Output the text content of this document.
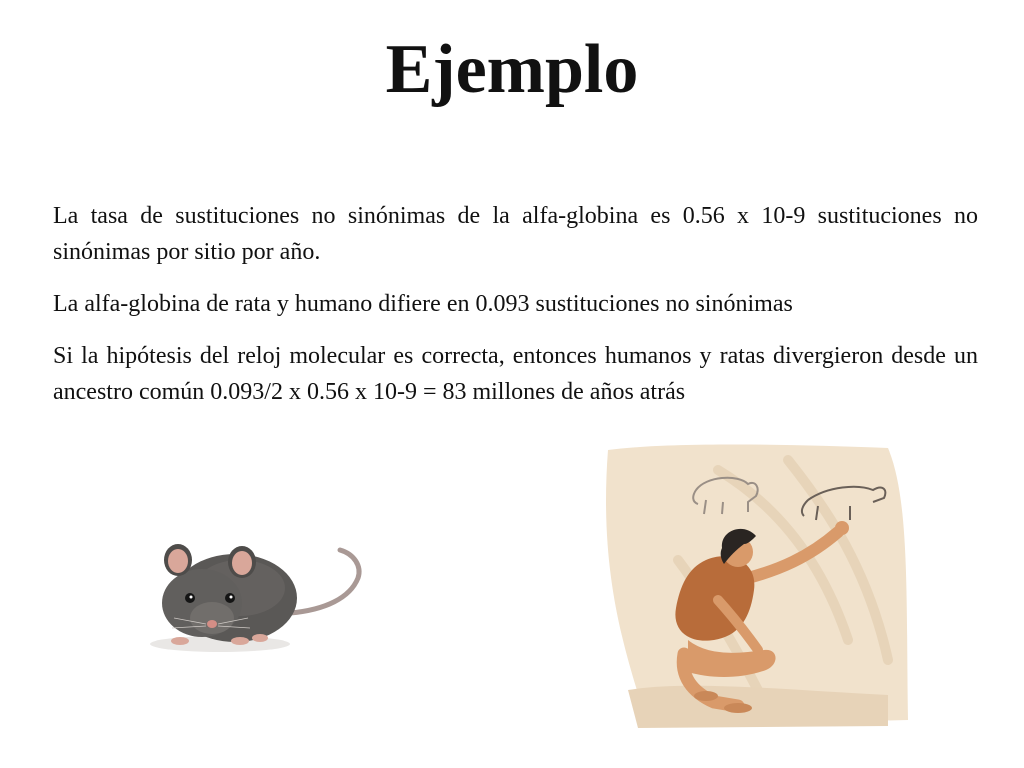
Ejemplo

La tasa de sustituciones no sinónimas de la alfa-globina es 0.56 x 10-9 sustituciones no sinónimas por sitio por año.

La alfa-globina de rata y humano difiere en 0.093 sustituciones no sinónimas

Si la hipótesis del reloj molecular es correcta, entonces humanos y ratas divergieron desde un ancestro común 0.093/2 x 0.56 x 10-9 = 83 millones de años atrás
